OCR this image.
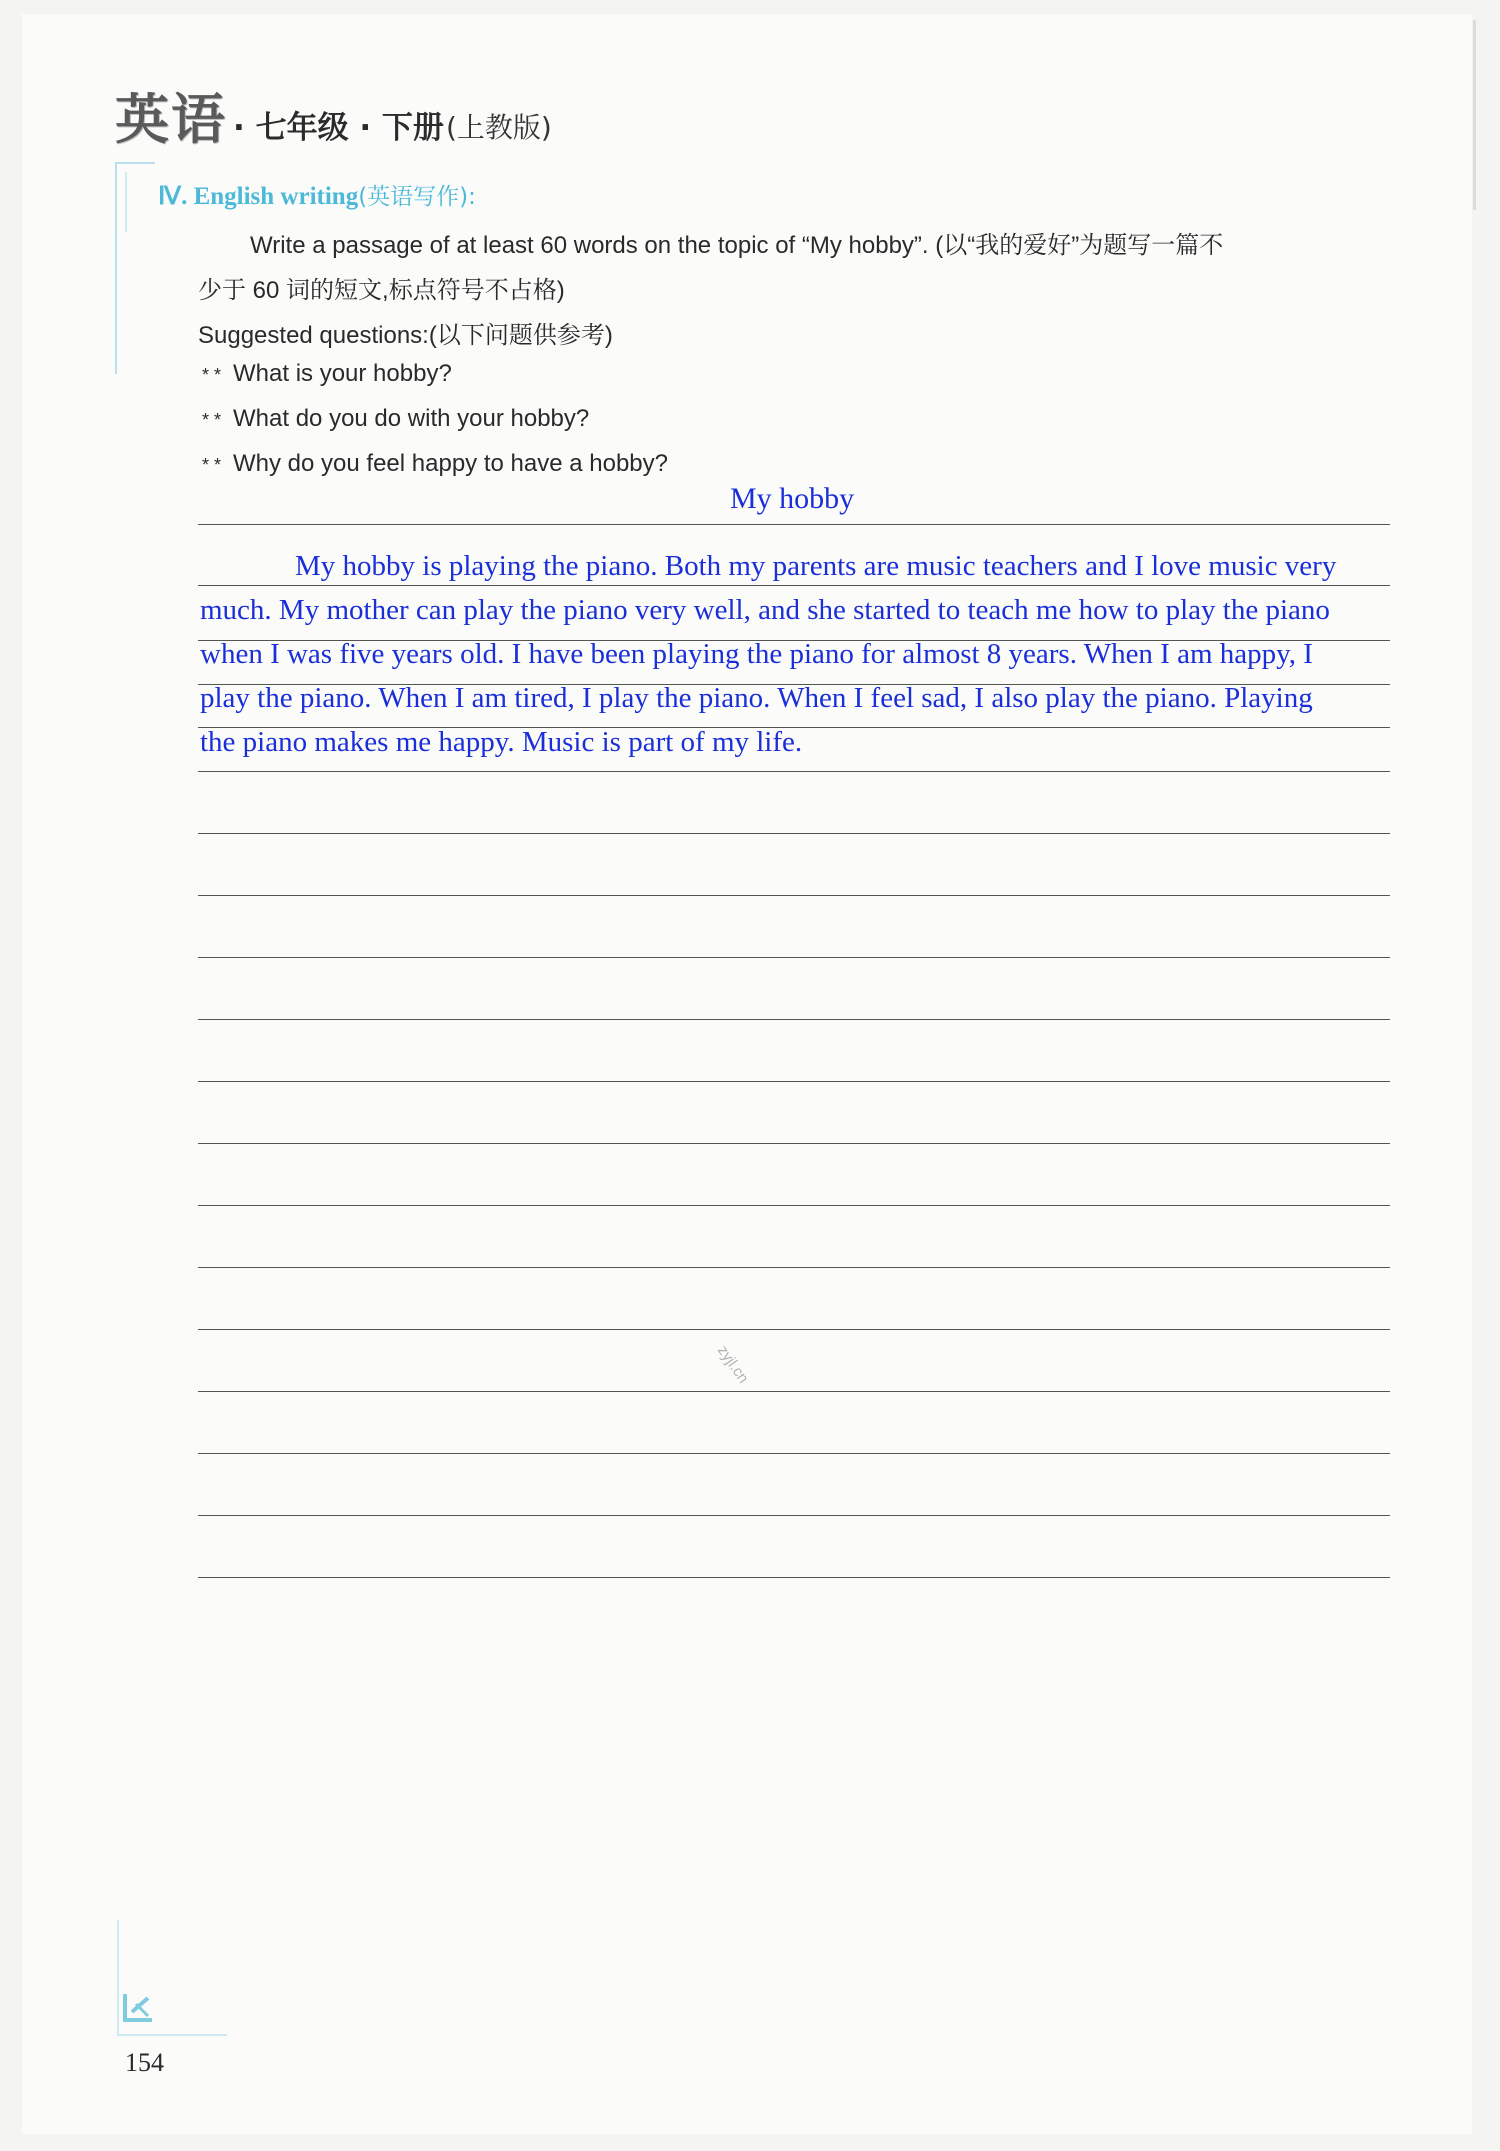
英语 · 七年级 · 下册 (上教版)
Ⅳ. English writing(英语写作):
Write a passage of at least 60 words on the topic of “My hobby”. (以“我的爱好”为题写一篇不
少于 60 词的短文,标点符号不占格)
Suggested questions:(以下问题供参考)
* * What is your hobby?
* * What do you do with your hobby?
* * Why do you feel happy to have a hobby?
My hobby
My hobby is playing the piano. Both my parents are music teachers and I love music very
much. My mother can play the piano very well, and she started to teach me how to play the piano
when I was five years old. I have been playing the piano for almost 8 years. When I am happy, I
play the piano. When I am tired, I play the piano. When I feel sad, I also play the piano. Playing
the piano makes me happy. Music is part of my life.
zyjl.cn
154
